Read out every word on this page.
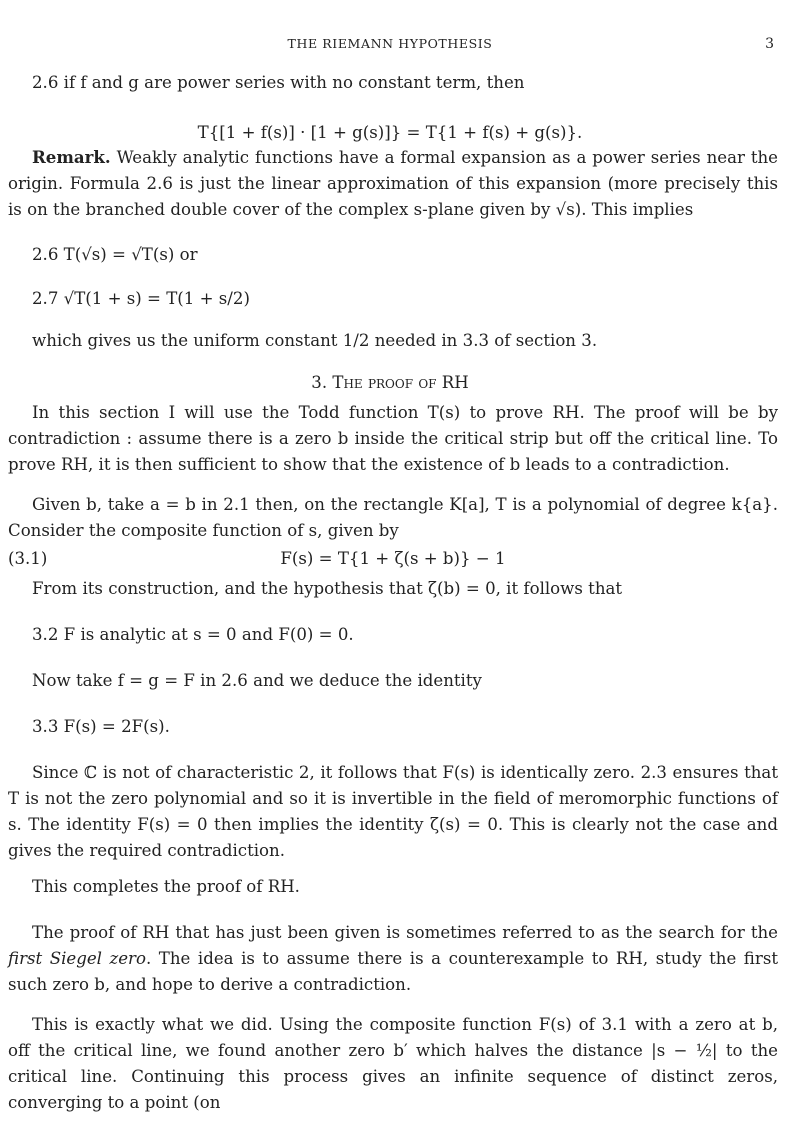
THE RIEMANN HYPOTHESIS	3
2.6 if f and g are power series with no constant term, then
T{[1 + f(s)] · [1 + g(s)]} = T{1 + f(s) + g(s)}.
Remark. Weakly analytic functions have a formal expansion as a power series near the origin. Formula 2.6 is just the linear approximation of this expansion (more precisely this is on the branched double cover of the complex s-plane given by √s). This implies
2.6 T(√s) = √T(s) or
2.7 √T(1 + s) = T(1 + s/2)
which gives us the uniform constant 1/2 needed in 3.3 of section 3.
3. The proof of RH
In this section I will use the Todd function T(s) to prove RH. The proof will be by contradiction : assume there is a zero b inside the critical strip but off the critical line. To prove RH, it is then sufficient to show that the existence of b leads to a contradiction.
Given b, take a = b in 2.1 then, on the rectangle K[a], T is a polynomial of degree k{a}. Consider the composite function of s, given by
(3.1)	F(s) = T{1 + ζ(s + b)} − 1
From its construction, and the hypothesis that ζ(b) = 0, it follows that
3.2 F is analytic at s = 0 and F(0) = 0.
Now take f = g = F in 2.6 and we deduce the identity
3.3 F(s) = 2F(s).
Since ℂ is not of characteristic 2, it follows that F(s) is identically zero. 2.3 ensures that T is not the zero polynomial and so it is invertible in the field of meromorphic functions of s. The identity F(s) = 0 then implies the identity ζ(s) = 0. This is clearly not the case and gives the required contradiction.
This completes the proof of RH.
The proof of RH that has just been given is sometimes referred to as the search for the first Siegel zero. The idea is to assume there is a counterexample to RH, study the first such zero b, and hope to derive a contradiction.
This is exactly what we did. Using the composite function F(s) of 3.1 with a zero at b, off the critical line, we found another zero b′ which halves the distance |s − ½| to the critical line. Continuing this process gives an infinite sequence of distinct zeros, converging to a point (on
